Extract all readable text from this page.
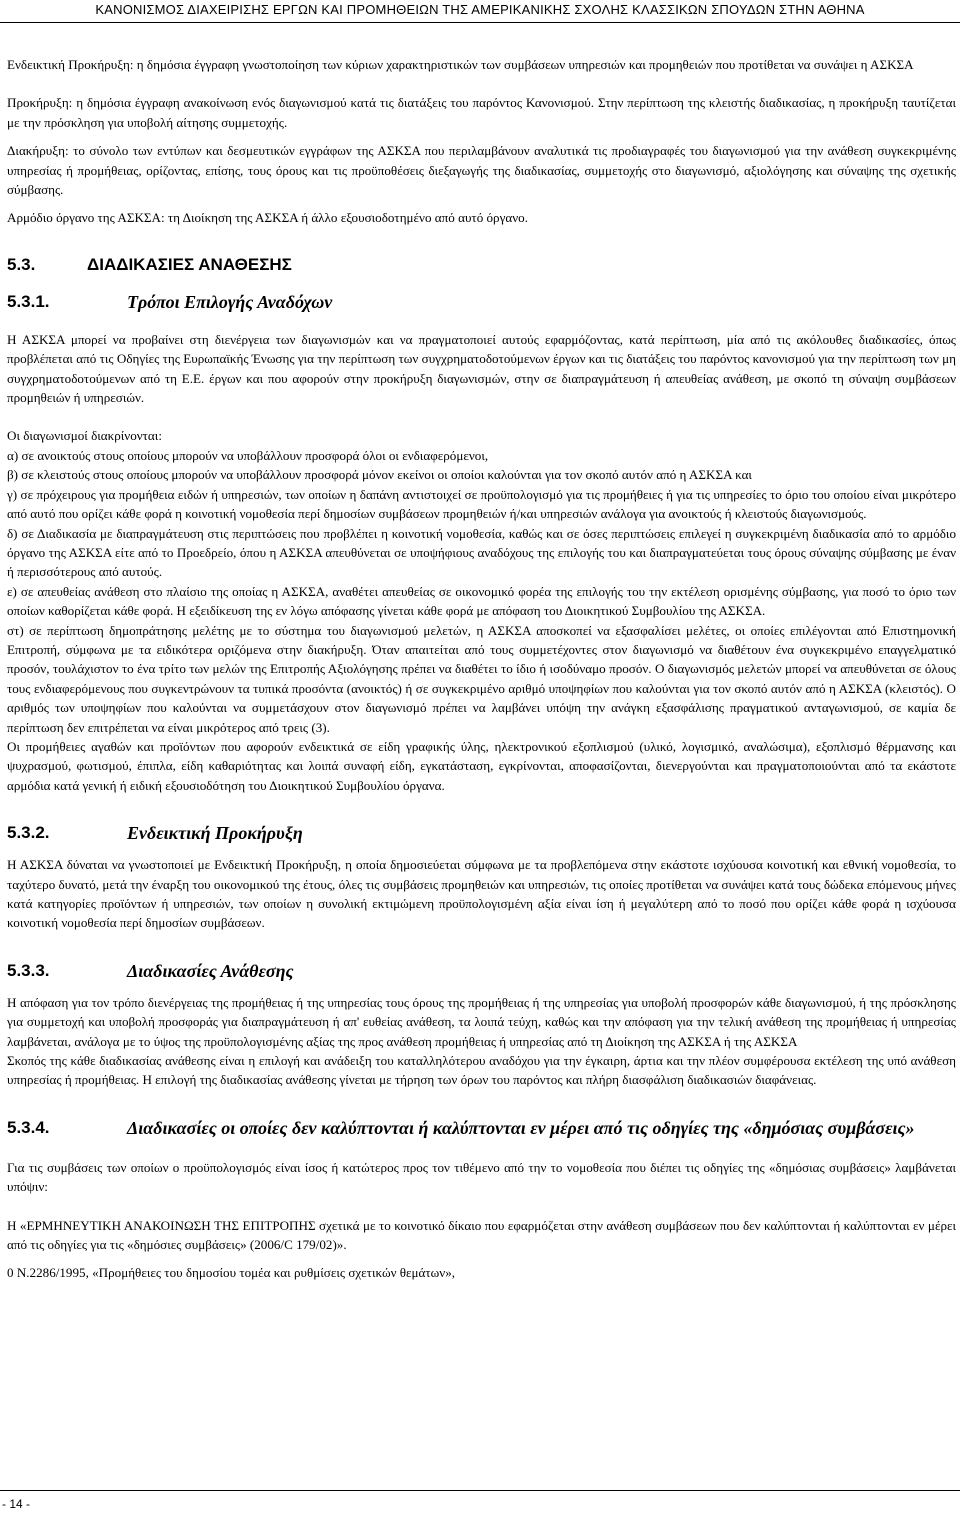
ΚΑΝΟΝΙΣΜΟΣ ΔΙΑΧΕΙΡΙΣΗΣ ΕΡΓΩΝ ΚΑΙ ΠΡΟΜΗΘΕΙΩΝ ΤΗΣ ΑΜΕΡΙΚΑΝΙΚΗΣ ΣΧΟΛΗΣ ΚΛΑΣΣΙΚΩΝ ΣΠΟΥΔΩΝ ΣΤΗΝ ΑΘΗΝΑ

Ενδεικτική Προκήρυξη: η δημόσια έγγραφη γνωστοποίηση των κύριων χαρακτηριστικών των συμβάσεων υπηρεσιών και προμηθειών που προτίθεται να συνάψει η ΑΣΚΣΑ

Προκήρυξη: η δημόσια έγγραφη ανακοίνωση ενός διαγωνισμού κατά τις διατάξεις του παρόντος Κανονισμού. Στην περίπτωση της κλειστής διαδικασίας, η προκήρυξη ταυτίζεται με την πρόσκληση για υποβολή αίτησης συμμετοχής.

Διακήρυξη: το σύνολο των εντύπων και δεσμευτικών εγγράφων της ΑΣΚΣΑ που περιλαμβάνουν αναλυτικά τις προδιαγραφές του διαγωνισμού για την ανάθεση συγκεκριμένης υπηρεσίας ή προμήθειας, ορίζοντας, επίσης, τους όρους και τις προϋποθέσεις διεξαγωγής της διαδικασίας, συμμετοχής στο διαγωνισμό, αξιολόγησης και σύναψης της σχετικής σύμβασης.

Αρμόδιο όργανο της ΑΣΚΣΑ: τη Διοίκηση της ΑΣΚΣΑ ή άλλο εξουσιοδοτημένο από αυτό όργανο.

5.3.	ΔΙΑΔΙΚΑΣΙΕΣ ΑΝΑΘΕΣΗΣ
5.3.1.	Τρόποι Επιλογής Αναδόχων

Η ΑΣΚΣΑ μπορεί να προβαίνει στη διενέργεια των διαγωνισμών και να πραγματοποιεί αυτούς εφαρμόζοντας, κατά περίπτωση, μία από τις ακόλουθες διαδικασίες, όπως προβλέπεται από τις Οδηγίες της Ευρωπαϊκής Ένωσης για την περίπτωση των συγχρηματοδοτούμενων έργων και τις διατάξεις του παρόντος κανονισμού για την περίπτωση των μη συγχρηματοδοτούμενων από τη Ε.Ε. έργων και που αφορούν στην προκήρυξη διαγωνισμών, στην σε διαπραγμάτευση ή απευθείας ανάθεση, με σκοπό τη σύναψη συμβάσεων προμηθειών ή υπηρεσιών.

Οι διαγωνισμοί διακρίνονται:

α) σε ανοικτούς στους οποίους μπορούν να υποβάλλουν προσφορά όλοι οι ενδιαφερόμενοι,

β) σε κλειστούς στους οποίους μπορούν να υποβάλλουν προσφορά μόνον εκείνοι οι οποίοι καλούνται για τον σκοπό αυτόν από η ΑΣΚΣΑ και

γ) σε πρόχειρους για προμήθεια ειδών ή υπηρεσιών, των οποίων η δαπάνη αντιστοιχεί σε προϋπολογισμό για τις προμήθειες ή για τις υπηρεσίες το όριο του οποίου είναι μικρότερο από αυτό που ορίζει κάθε φορά η κοινοτική νομοθεσία περί δημοσίων συμβάσεων προμηθειών ή/και υπηρεσιών ανάλογα για ανοικτούς ή κλειστούς διαγωνισμούς.

δ) σε Διαδικασία με διαπραγμάτευση στις περιπτώσεις που προβλέπει η κοινοτική νομοθεσία, καθώς και σε όσες περιπτώσεις επιλεγεί η συγκεκριμένη διαδικασία από το αρμόδιο όργανο της ΑΣΚΣΑ είτε από το Προεδρείο, όπου η ΑΣΚΣΑ απευθύνεται σε υποψήφιους αναδόχους της επιλογής του και διαπραγματεύεται τους όρους σύναψης σύμβασης με έναν ή περισσότερους από αυτούς.

ε) σε απευθείας ανάθεση στο πλαίσιο της οποίας η ΑΣΚΣΑ, αναθέτει απευθείας σε οικονομικό φορέα της επιλογής του την εκτέλεση ορισμένης σύμβασης, για ποσό το όριο των οποίων καθορίζεται κάθε φορά. Η εξειδίκευση της εν λόγω απόφασης γίνεται κάθε φορά με απόφαση του Διοικητικού Συμβουλίου της ΑΣΚΣΑ.

στ) σε περίπτωση δημοπράτησης μελέτης με το σύστημα του διαγωνισμού μελετών, η ΑΣΚΣΑ αποσκοπεί να εξασφαλίσει μελέτες, οι οποίες επιλέγονται από Επιστημονική Επιτροπή, σύμφωνα με τα ειδικότερα οριζόμενα στην διακήρυξη. Όταν απαιτείται από τους συμμετέχοντες στον διαγωνισμό να διαθέτουν ένα συγκεκριμένο επαγγελματικό προσόν, τουλάχιστον το ένα τρίτο των μελών της Επιτροπής Αξιολόγησης πρέπει να διαθέτει το ίδιο ή ισοδύναμο προσόν. Ο διαγωνισμός μελετών μπορεί να απευθύνεται σε όλους τους ενδιαφερόμενους που συγκεντρώνουν τα τυπικά προσόντα (ανοικτός) ή σε συγκεκριμένο αριθμό υποψηφίων που καλούνται για τον σκοπό αυτόν από η ΑΣΚΣΑ (κλειστός). Ο αριθμός των υποψηφίων που καλούνται να συμμετάσχουν στον διαγωνισμό πρέπει να λαμβάνει υπόψη την ανάγκη εξασφάλισης πραγματικού ανταγωνισμού, σε καμία δε περίπτωση δεν επιτρέπεται να είναι μικρότερος από τρεις (3).

Οι προμήθειες αγαθών και προϊόντων που αφορούν ενδεικτικά σε είδη γραφικής ύλης, ηλεκτρονικού εξοπλισμού (υλικό, λογισμικό, αναλώσιμα), εξοπλισμό θέρμανσης και ψυχρασμού, φωτισμού, έπιπλα, είδη καθαριότητας και λοιπά συναφή είδη, εγκατάσταση, εγκρίνονται, αποφασίζονται, διενεργούνται και πραγματοποιούνται από τα εκάστοτε αρμόδια κατά γενική ή ειδική εξουσιοδότηση του Διοικητικού Συμβουλίου όργανα.

5.3.2.	Ενδεικτική Προκήρυξη

Η ΑΣΚΣΑ δύναται να γνωστοποιεί με Ενδεικτική Προκήρυξη, η οποία δημοσιεύεται σύμφωνα με τα προβλεπόμενα στην εκάστοτε ισχύουσα κοινοτική και εθνική νομοθεσία, το ταχύτερο δυνατό, μετά την έναρξη του οικονομικού της έτους, όλες τις συμβάσεις προμηθειών και υπηρεσιών, τις οποίες προτίθεται να συνάψει κατά τους δώδεκα επόμενους μήνες κατά κατηγορίες προϊόντων ή υπηρεσιών, των οποίων η συνολική εκτιμώμενη προϋπολογισμένη αξία είναι ίση ή μεγαλύτερη από το ποσό που ορίζει κάθε φορά η ισχύουσα κοινοτική νομοθεσία περί δημοσίων συμβάσεων.

5.3.3.	Διαδικασίες Ανάθεσης

Η απόφαση για τον τρόπο διενέργειας της προμήθειας ή της υπηρεσίας τους όρους της προμήθειας ή της υπηρεσίας για υποβολή προσφορών κάθε διαγωνισμού, ή της πρόσκλησης για συμμετοχή και υποβολή προσφοράς για διαπραγμάτευση ή απ' ευθείας ανάθεση, τα λοιπά τεύχη, καθώς και την απόφαση για την τελική ανάθεση της προμήθειας ή υπηρεσίας λαμβάνεται, ανάλογα με το ύψος της προϋπολογισμένης αξίας της προς ανάθεση προμήθειας ή υπηρεσίας από τη Διοίκηση της ΑΣΚΣΑ ή της ΑΣΚΣΑ

Σκοπός της κάθε διαδικασίας ανάθεσης είναι η επιλογή και ανάδειξη του καταλληλότερου αναδόχου για την έγκαιρη, άρτια και την πλέον συμφέρουσα εκτέλεση της υπό ανάθεση υπηρεσίας ή προμήθειας. Η επιλογή της διαδικασίας ανάθεσης γίνεται με τήρηση των όρων του παρόντος και πλήρη διασφάλιση διαδικασιών διαφάνειας.

5.3.4.	Διαδικασίες οι οποίες δεν καλύπτονται ή καλύπτονται εν μέρει από τις οδηγίες της «δημόσιας συμβάσεις»

Για τις συμβάσεις των οποίων ο προϋπολογισμός είναι ίσος ή κατώτερος προς τον τιθέμενο από την το νομοθεσία που διέπει τις οδηγίες της «δημόσιας συμβάσεις» λαμβάνεται υπόψιν:

Η «ΕΡΜΗΝΕΥΤΙΚΗ ΑΝΑΚΟΙΝΩΣΗ ΤΗΣ ΕΠΙΤΡΟΠΗΣ σχετικά με το κοινοτικό δίκαιο που εφαρμόζεται στην ανάθεση συμβάσεων που δεν καλύπτονται ή καλύπτονται εν μέρει από τις οδηγίες για τις «δημόσιες συμβάσεις» (2006/C 179/02)».

0 Ν.2286/1995, «Προμήθειες του δημοσίου τομέα και ρυθμίσεις σχετικών θεμάτων»,

- 14 -
